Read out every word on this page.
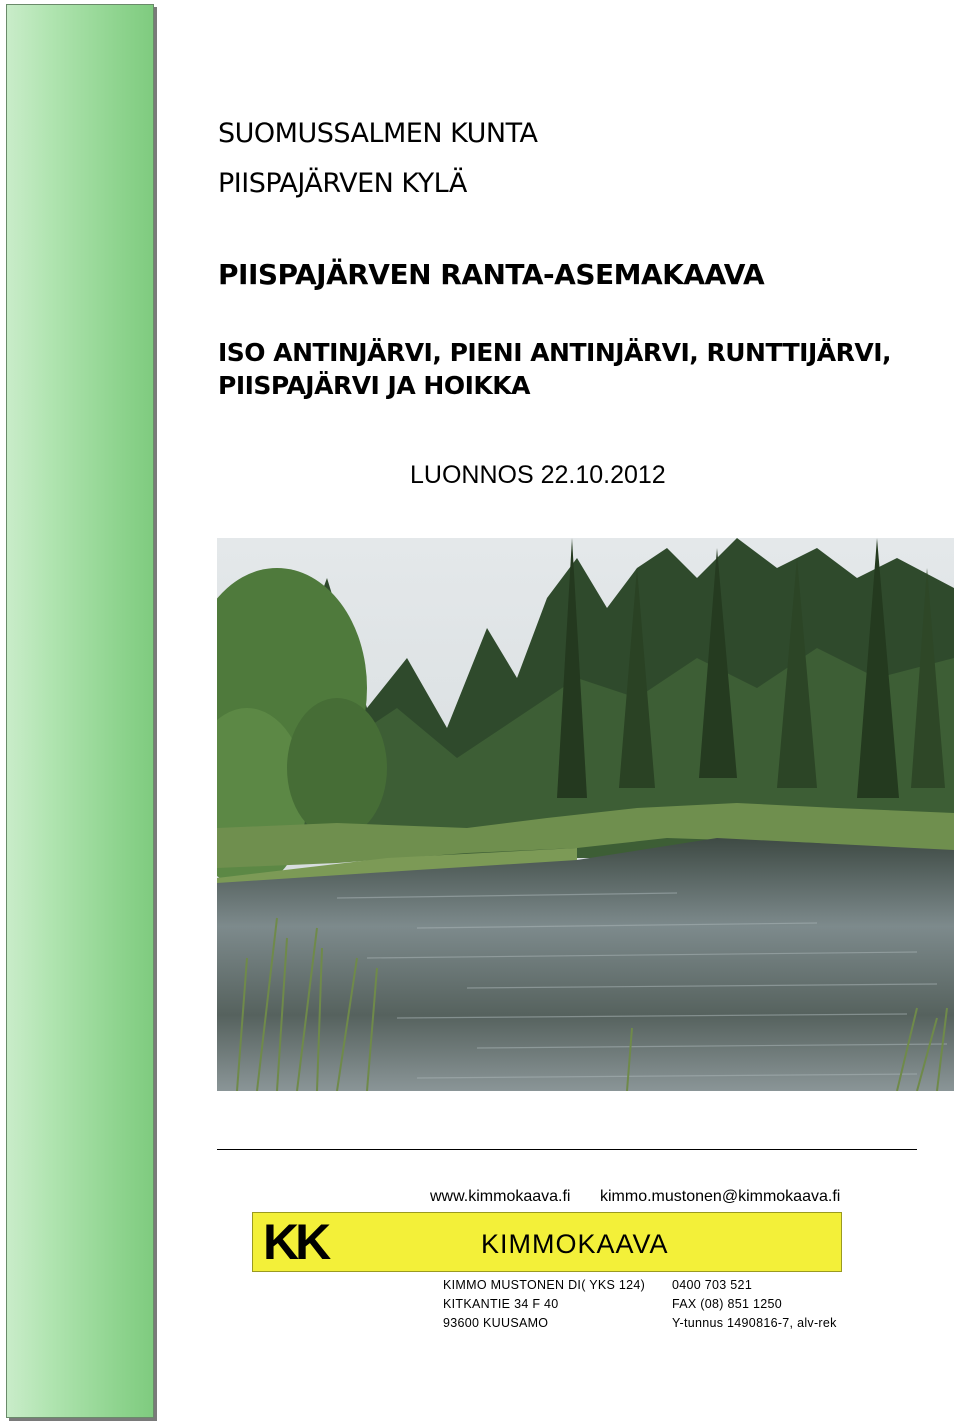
SUOMUSSALMEN KUNTA
PIISPAJÄRVEN KYLÄ
PIISPAJÄRVEN RANTA-ASEMAKAAVA
ISO ANTINJÄRVI, PIENI ANTINJÄRVI, RUNTTIJÄRVI,
PIISPAJÄRVI JA HOIKKA
LUONNOS 22.10.2012
www.kimmokaava.fi kimmo.mustonen@kimmokaava.fi
KK	KIMMOKAAVA
KIMMO MUSTONEN DI( YKS 124)
KITKANTIE 34 F 40
93600 KUUSAMO
0400 703 521
FAX (08) 851 1250
Y-tunnus 1490816-7, alv-rek
